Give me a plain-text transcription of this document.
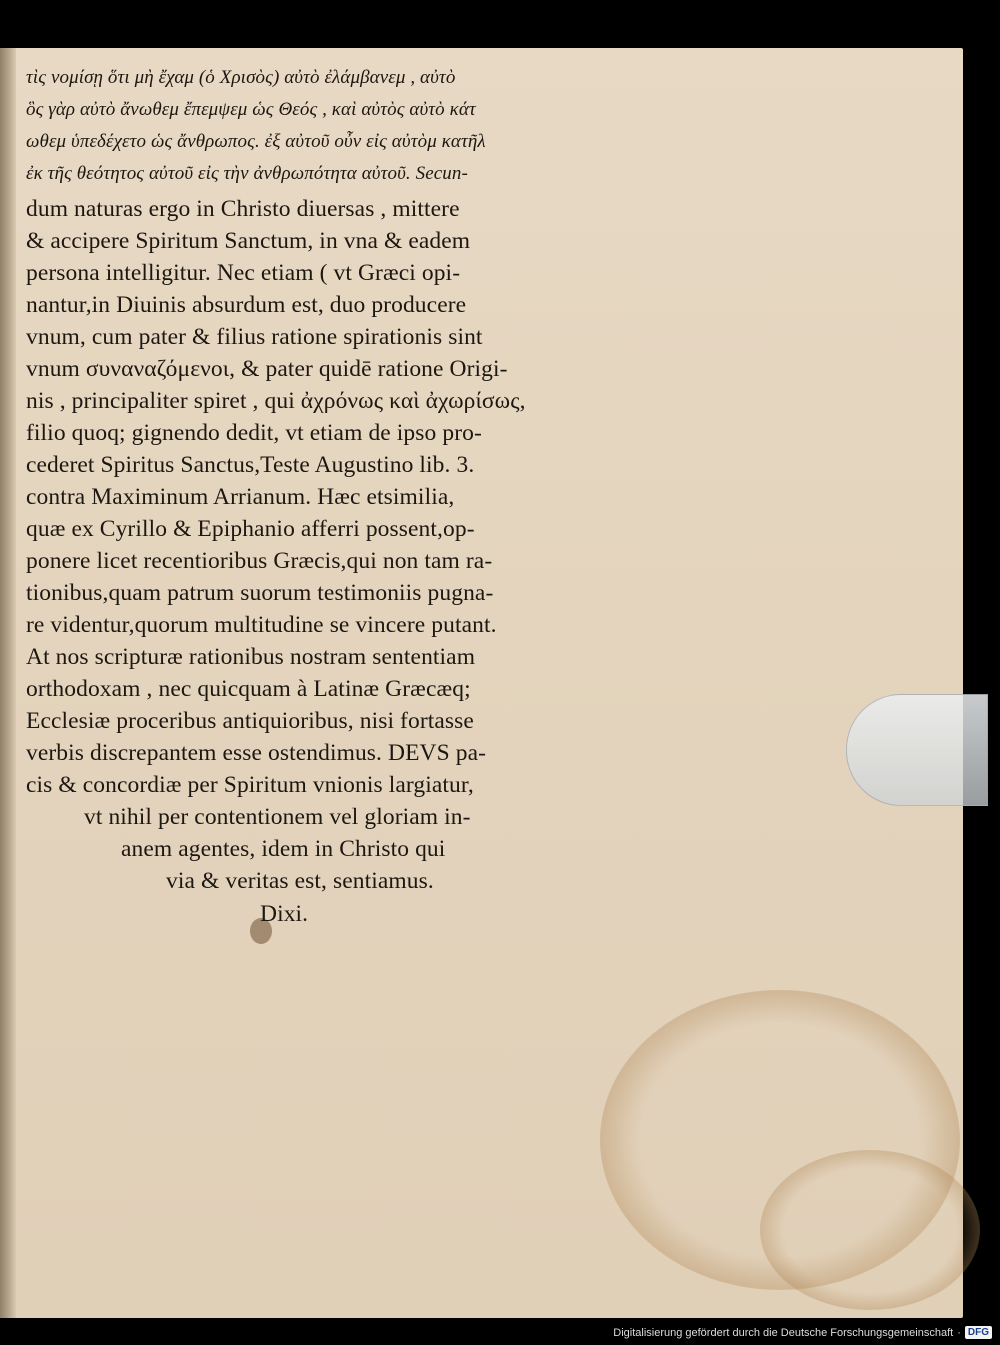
τὶς νομίσῃ ὅτι μὴ ἔχαμ (ὁ Χρισὸς) αὐτὸ ἐλάμβανεμ , αὐτὸ
ὃς γὰρ αὐτὸ ἄνωθεμ ἔπεμψεμ ὡς Θεός , καὶ αὐτὸς αὐτὸ κάτ
ωθεμ ὑπεδέχετο ὡς ἄνθρωπος. ἐξ αὐτοῦ οὖν εἰς αὐτὸμ κατῆλ
ἐκ τῆς θεότητος αὐτοῦ εἰς τὴν ἀνθρωπότητα αὐτοῦ. Secun-
dum naturas ergo in Christo diuersas , mittere
& accipere Spiritum Sanctum, in vna & eadem
persona intelligitur. Nec etiam ( vt Græci opi-
nantur,in Diuinis absurdum est, duo producere
vnum, cum pater & filius ratione spirationis sint
vnum συναναζόμενοι, & pater quidē ratione Origi-
nis , principaliter spiret , qui ἀχρόνως καὶ ἀχωρίσως,
filio quoq; gignendo dedit, vt etiam de ipso pro-
cederet Spiritus Sanctus,Teste Augustino lib. 3.
contra Maximinum Arrianum. Hæc etsimilia,
quæ ex Cyrillo & Epiphanio afferri possent,op-
ponere licet recentioribus Græcis,qui non tam ra-
tionibus,quam patrum suorum testimoniis pugna-
re videntur,quorum multitudine se vincere putant.
At nos scripturæ rationibus nostram sententiam
orthodoxam , nec quicquam à Latinæ Græcæq;
Ecclesiæ proceribus antiquioribus, nisi fortasse
verbis discrepantem esse ostendimus. DEVS pa-
cis & concordiæ per Spiritum vnionis largiatur,
vt nihil per contentionem vel gloriam in-
anem agentes, idem in Christo qui
via & veritas est, sentiamus.
Dixi.
Digitalisierung gefördert durch die Deutsche Forschungsgemeinschaft · DFG
